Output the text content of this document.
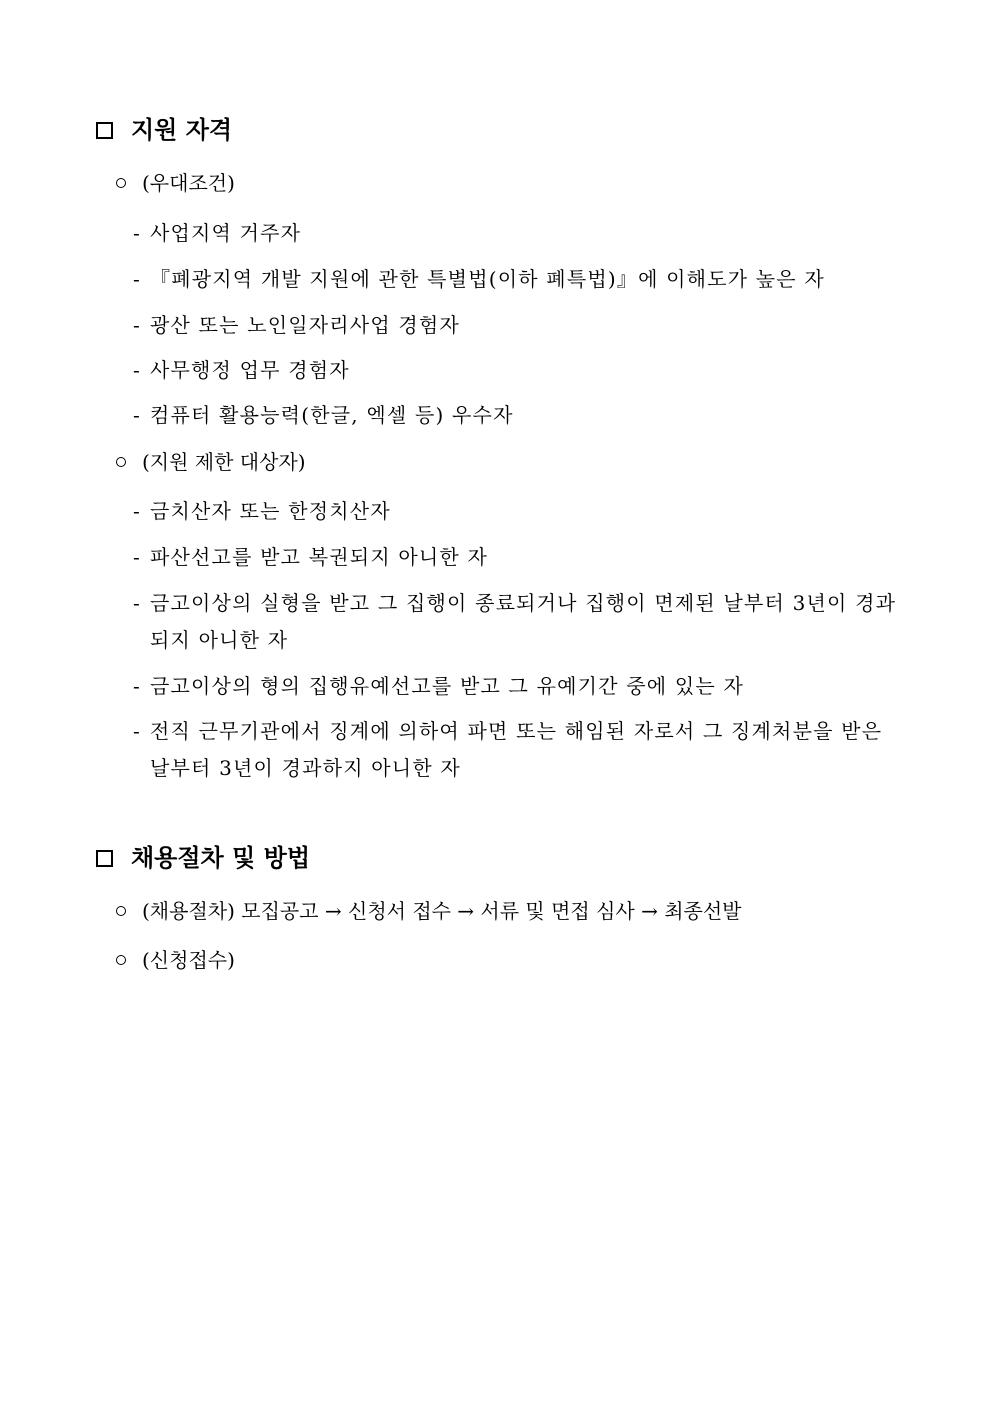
지원 자격
(우대조건)
- 사업지역 거주자
- 『폐광지역 개발 지원에 관한 특별법(이하 폐특법)』에 이해도가 높은 자
- 광산 또는 노인일자리사업 경험자
- 사무행정 업무 경험자
- 컴퓨터 활용능력(한글, 엑셀 등) 우수자
(지원 제한 대상자)
- 금치산자 또는 한정치산자
- 파산선고를 받고 복권되지 아니한 자
- 금고이상의 실형을 받고 그 집행이 종료되거나 집행이 면제된 날부터 3년이 경과되지 아니한 자
- 금고이상의 형의 집행유예선고를 받고 그 유예기간 중에 있는 자
- 전직 근무기관에서 징계에 의하여 파면 또는 해임된 자로서 그 징계처분을 받은 날부터 3년이 경과하지 아니한 자
채용절차 및 방법
(채용절차) 모집공고 → 신청서 접수 → 서류 및 면접 심사 → 최종선발
(신청접수)
